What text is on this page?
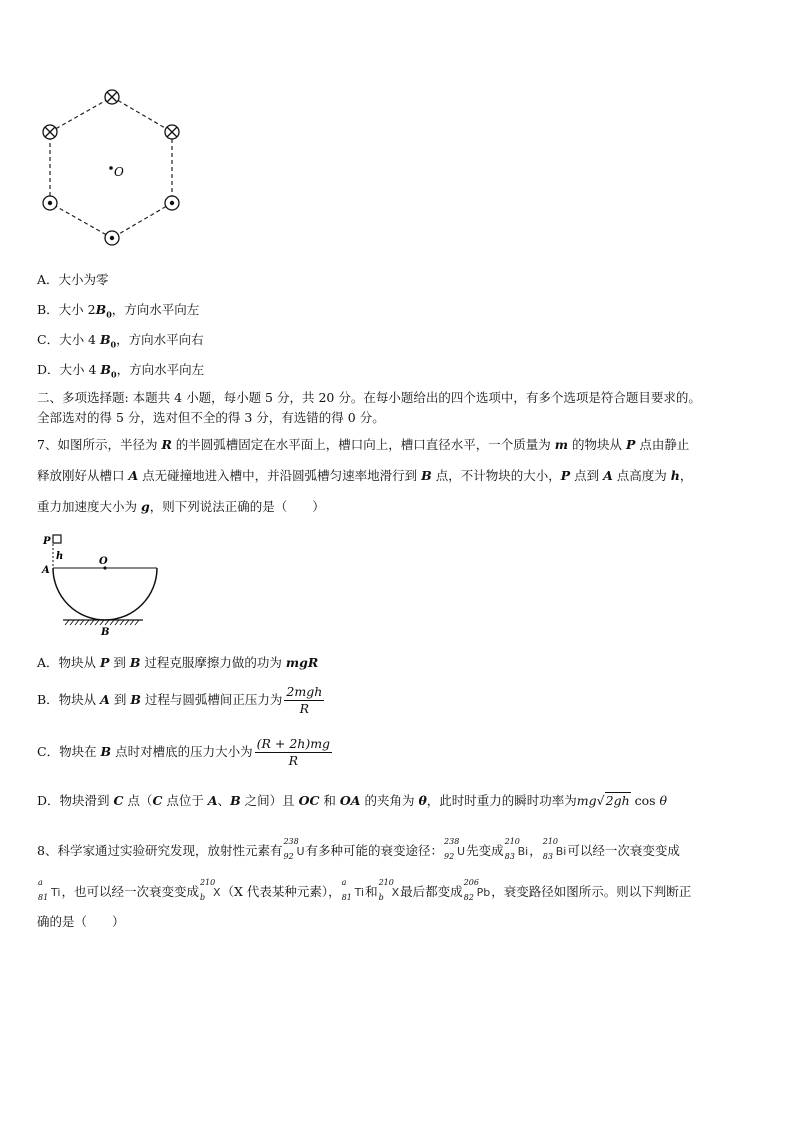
O
A．大小为零
B．大小 $2B_0$，方向水平向左
C．大小 4 $B_0$，方向水平向右
D．大小 4 $B_0$，方向水平向左
二、多项选择题: 本题共 4 小题，每小题 5 分，共 20 分。在每小题给出的四个选项中，有多个选项是符合题目要求的。
全部选对的得 5 分，选对但不全的得 3 分，有选错的得 0 分。
7、如图所示，半径为 R 的半圆弧槽固定在水平面上，槽口向上，槽口直径水平，一个质量为 m 的物块从 P 点由静止
释放刚好从槽口 A 点无碰撞地进入槽中，并沿圆弧槽匀速率地滑行到 B 点，不计物块的大小，P 点到 A 点高度为 h，
重力加速度大小为 g，则下列说法正确的是（　　）
P
h	O
A
B
A．物块从 P 到 B 过程克服摩擦力做的功为 mgR
B．物块从 A 到 B 过程与圆弧槽间正压力为 $\frac{\text{2mgh}}{R}$
C．物块在 B 点时对槽底的压力大小为 $\frac{(R + 2h)mg}{R}$
D．物块滑到 C 点（C 点位于 A、B 之间）且 OC 和 OA 的夹角为 θ，此时时重力的瞬时功率为mg√2gh cos θ
8、科学家通过实验研究发现，放射性元素有
238
92 U有多种可能的衰变途径：
238
92 U先变成
210
83 Bi，
210
83 Bi可以经一次衰变变成
a
81 Ti，也可以经一次衰变变成
210
b X（X 代表某种元素），
a
81 Ti和
210
b X最后都变成
206
82 Pb，衰变路径如图所示。则以下判断正
确的是（　　）
